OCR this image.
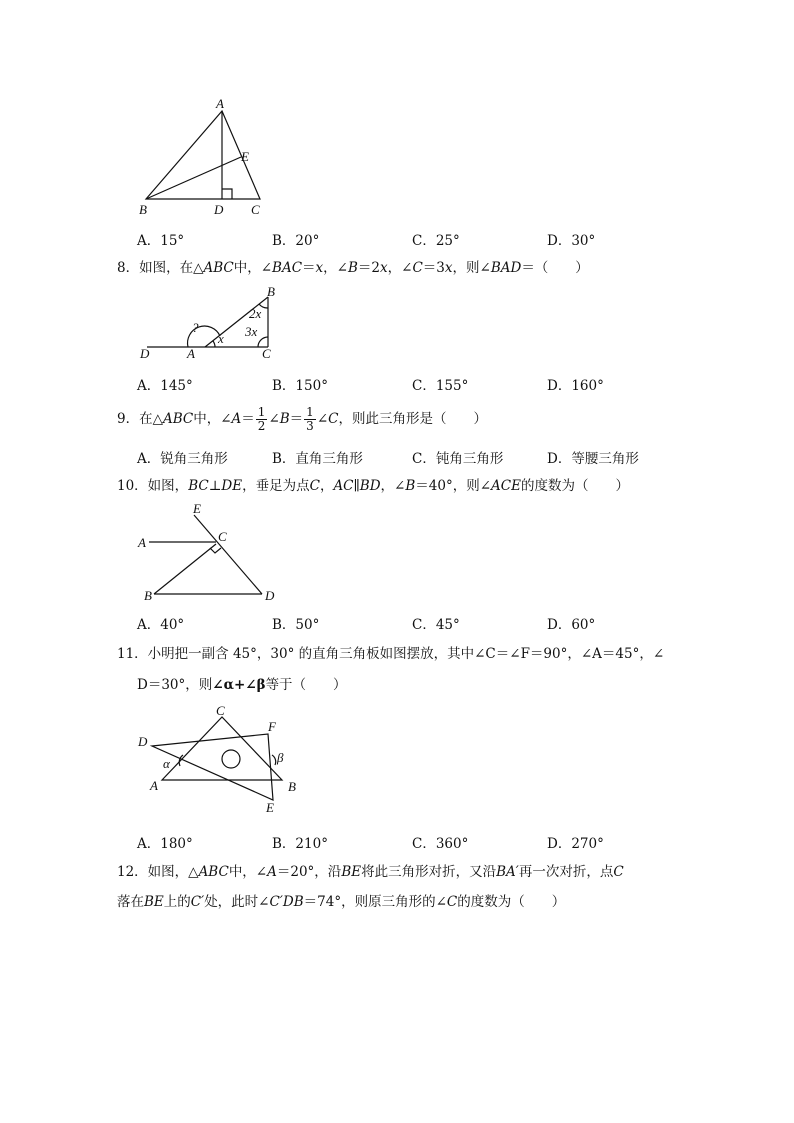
A
E
B	D C
A．15°	B．20°	C．25°	D．30°
8．如图，在△ABC中，∠BAC＝x，∠B＝2x，∠C＝3x，则∠BAD＝（　　）
B
2x
3x
?
x
D	A	C
A．145°	B．150°	C．155°	D．160°
9．在△ABC中，∠A＝ $\frac{1}{2}$ ∠B＝ $\frac{1}{3}$ ∠C，则此三角形是（　　）
A．锐角三角形	B．直角三角形	C．钝角三角形	D．等腰三角形
10．如图，BC⊥DE，垂足为点C，AC∥BD，∠B＝40°，则∠ACE的度数为（　　）
E
A	C
B	D
A．40°	B．50°	C．45°	D．60°
11．小明把一副含 45°，30° 的直角三角板如图摆放，其中∠C＝∠F＝90°，∠A＝45°，∠
D＝30°，则∠α+∠β等于（　　）
C
F
D
β
α
A	B
E
A．180°	B．210°	C．360°	D．270°
12．如图，△ABC中，∠A＝20°，沿BE将此三角形对折，又沿BA′再一次对折，点C
落在BE上的C′处，此时∠C′DB＝74°，则原三角形的∠C的度数为（　　）
